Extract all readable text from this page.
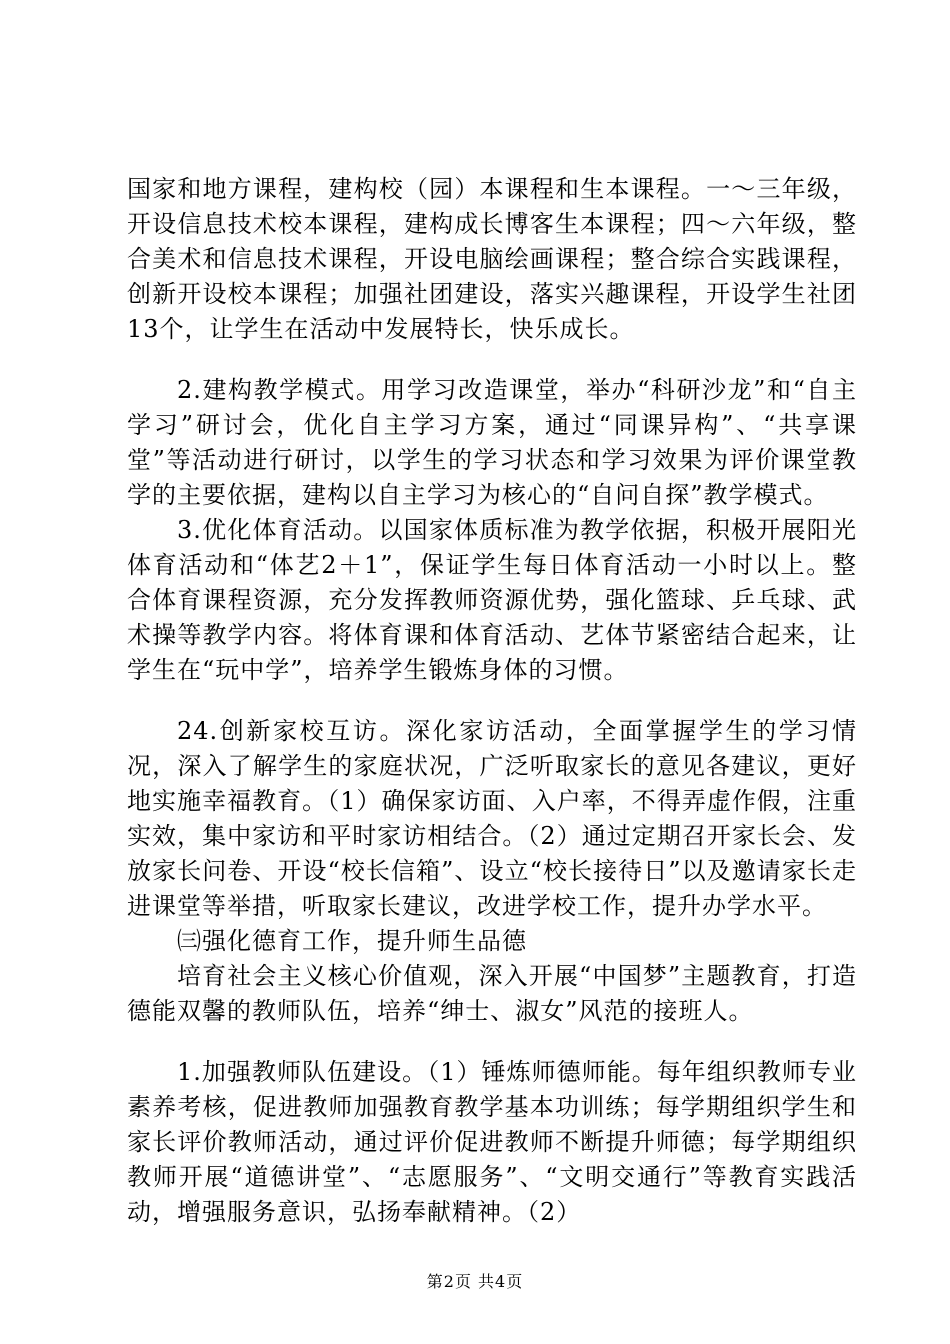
国家和地方课程，建构校（园）本课程和生本课程。一～三年级，开设信息技术校本课程，建构成长博客生本课程；四～六年级，整合美术和信息技术课程，开设电脑绘画课程；整合综合实践课程，创新开设校本课程；加强社团建设，落实兴趣课程，开设学生社团13个，让学生在活动中发展特长，快乐成长。

2.建构教学模式。用学习改造课堂，举办“科研沙龙”和“自主学习”研讨会，优化自主学习方案，通过“同课异构”、“共享课堂”等活动进行研讨，以学生的学习状态和学习效果为评价课堂教学的主要依据，建构以自主学习为核心的“自问自探”教学模式。

3.优化体育活动。以国家体质标准为教学依据，积极开展阳光体育活动和“体艺2＋1”，保证学生每日体育活动一小时以上。整合体育课程资源，充分发挥教师资源优势，强化篮球、乒乓球、武术操等教学内容。将体育课和体育活动、艺体节紧密结合起来，让学生在“玩中学”，培养学生锻炼身体的习惯。

24.创新家校互访。深化家访活动，全面掌握学生的学习情况，深入了解学生的家庭状况，广泛听取家长的意见各建议，更好地实施幸福教育。（1）确保家访面、入户率，不得弄虚作假，注重实效，集中家访和平时家访相结合。（2）通过定期召开家长会、发放家长问卷、开设“校长信箱”、设立“校长接待日”以及邀请家长走进课堂等举措，听取家长建议，改进学校工作，提升办学水平。

㈢强化德育工作，提升师生品德

培育社会主义核心价值观，深入开展“中国梦”主题教育，打造德能双馨的教师队伍，培养“绅士、淑女”风范的接班人。

1.加强教师队伍建设。（1）锤炼师德师能。每年组织教师专业素养考核，促进教师加强教育教学基本功训练；每学期组织学生和家长评价教师活动，通过评价促进教师不断提升师德；每学期组织教师开展“道德讲堂”、“志愿服务”、“文明交通行”等教育实践活动，增强服务意识，弘扬奉献精神。（2）

第2页 共4页
